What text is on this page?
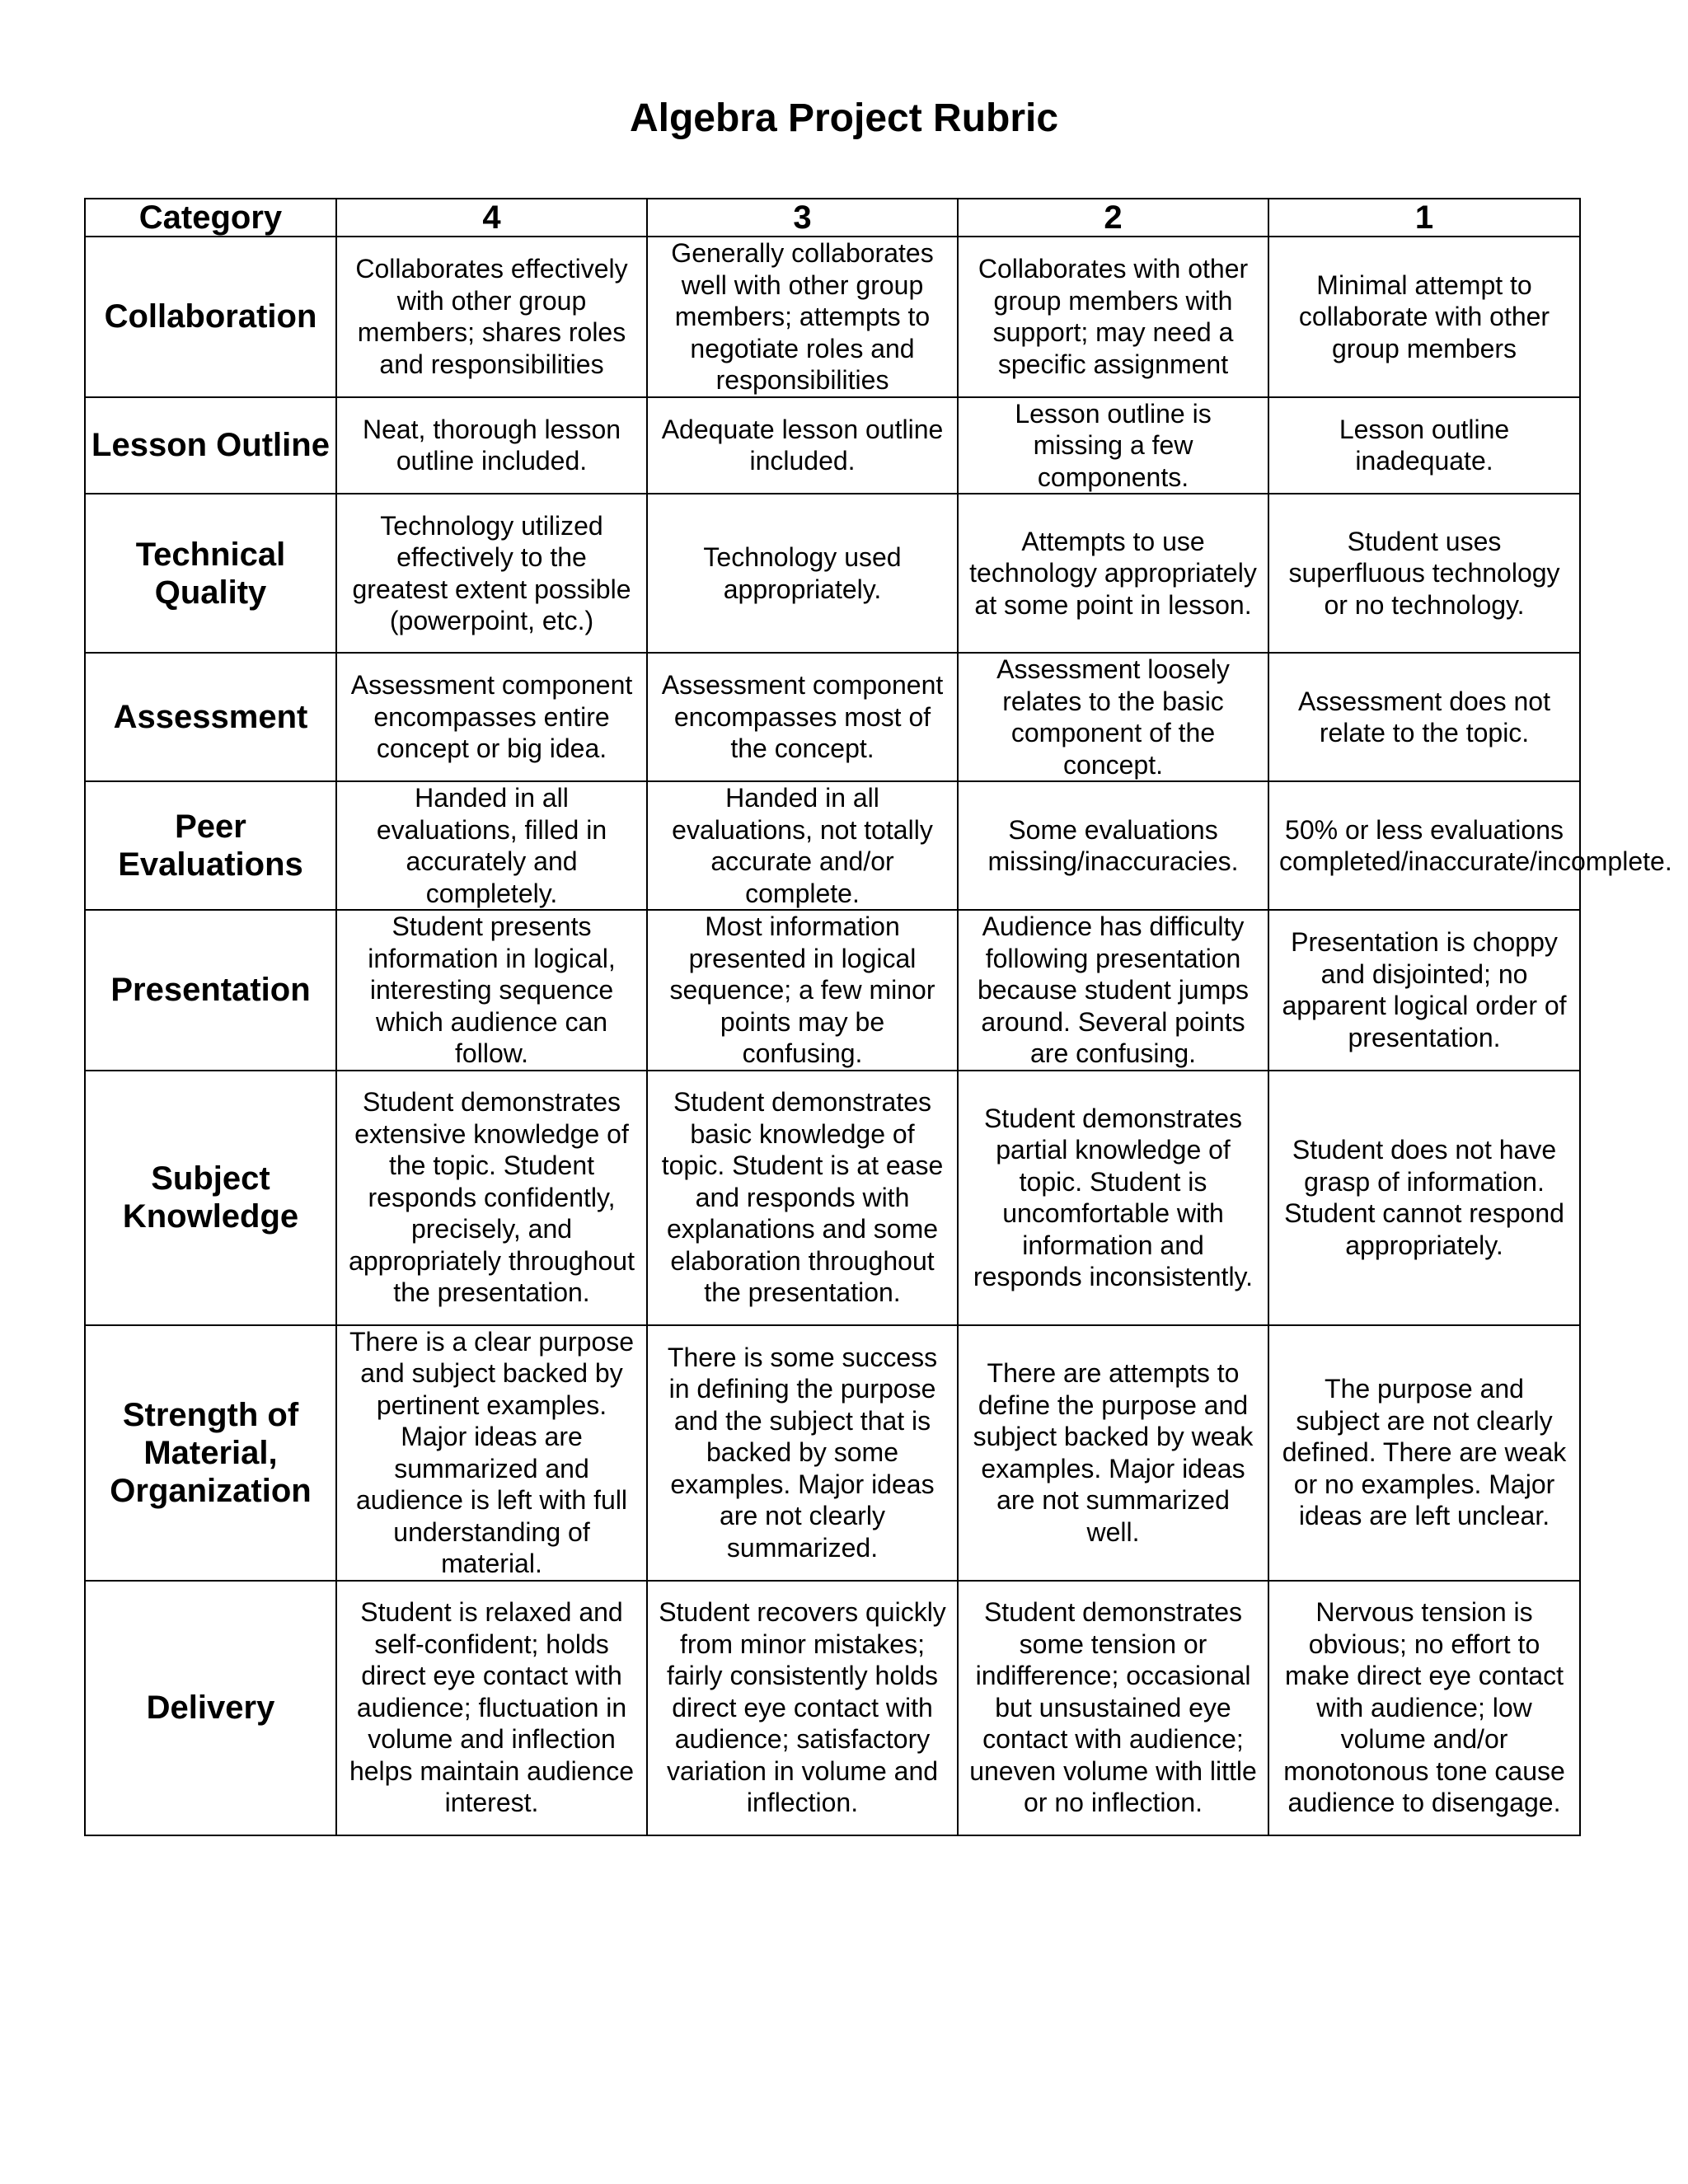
Algebra Project Rubric
Category	4	3	2	1
Collaboration	Collaborates effectively with other group members; shares roles and responsibilities	Generally collaborates well with other group members; attempts to negotiate roles and responsibilities	Collaborates with other group members with support; may need a specific assignment	Minimal attempt to collaborate with other group members
Lesson Outline	Neat, thorough lesson outline included.	Adequate lesson outline included.	Lesson outline is missing a few components.	Lesson outline inadequate.
Technical Quality	Technology utilized effectively to the greatest extent possible (powerpoint, etc.)	Technology used appropriately.	Attempts to use technology appropriately at some point in lesson.	Student uses superfluous technology or no technology.
Assessment	Assessment component encompasses entire concept or big idea.	Assessment component encompasses most of the concept.	Assessment loosely relates to the basic component of the concept.	Assessment does not relate to the topic.
Peer Evaluations	Handed in all evaluations, filled in accurately and completely.	Handed in all evaluations, not totally accurate and/or complete.	Some evaluations missing/inaccuracies.	50% or less evaluations completed/inaccurate/incomplete.
Presentation	Student presents information in logical, interesting sequence which audience can follow.	Most information presented in logical sequence; a few minor points may be confusing.	Audience has difficulty following presentation because student jumps around. Several points are confusing.	Presentation is choppy and disjointed; no apparent logical order of presentation.
Subject Knowledge	Student demonstrates extensive knowledge of the topic. Student responds confidently, precisely, and appropriately throughout the presentation.	Student demonstrates basic knowledge of topic. Student is at ease and responds with explanations and some elaboration throughout the presentation.	Student demonstrates partial knowledge of topic. Student is uncomfortable with information and responds inconsistently.	Student does not have grasp of information. Student cannot respond appropriately.
Strength of Material, Organization	There is a clear purpose and subject backed by pertinent examples. Major ideas are summarized and audience is left with full understanding of material.	There is some success in defining the purpose and the subject that is backed by some examples. Major ideas are not clearly summarized.	There are attempts to define the purpose and subject backed by weak examples. Major ideas are not summarized well.	The purpose and subject are not clearly defined. There are weak or no examples. Major ideas are left unclear.
Delivery	Student is relaxed and self-confident; holds direct eye contact with audience; fluctuation in volume and inflection helps maintain audience interest.	Student recovers quickly from minor mistakes; fairly consistently holds direct eye contact with audience; satisfactory variation in volume and inflection.	Student demonstrates some tension or indifference; occasional but unsustained eye contact with audience; uneven volume with little or no inflection.	Nervous tension is obvious; no effort to make direct eye contact with audience; low volume and/or monotonous tone cause audience to disengage.
